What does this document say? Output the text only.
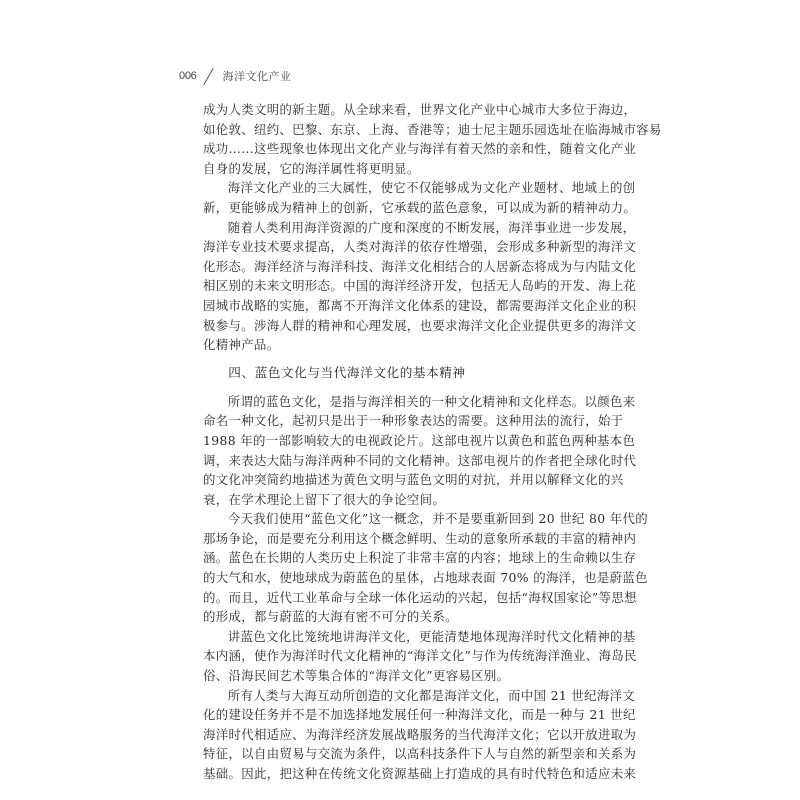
006 海洋文化产业
成为人类文明的新主题。从全球来看，世界文化产业中心城市大多位于海边，
如伦敦、纽约、巴黎、东京、上海、香港等；迪士尼主题乐园选址在临海城市容易
成功……这些现象也体现出文化产业与海洋有着天然的亲和性，随着文化产业
自身的发展，它的海洋属性将更明显。
海洋文化产业的三大属性，使它不仅能够成为文化产业题材、地域上的创
新，更能够成为精神上的创新，它承载的蓝色意象，可以成为新的精神动力。
随着人类利用海洋资源的广度和深度的不断发展，海洋事业进一步发展，
海洋专业技术要求提高，人类对海洋的依存性增强，会形成多种新型的海洋文
化形态。海洋经济与海洋科技、海洋文化相结合的人居新态将成为与内陆文化
相区别的未来文明形态。中国的海洋经济开发，包括无人岛屿的开发、海上花
园城市战略的实施，都离不开海洋文化体系的建设，都需要海洋文化企业的积
极参与。涉海人群的精神和心理发展，也要求海洋文化企业提供更多的海洋文
化精神产品。
四、蓝色文化与当代海洋文化的基本精神
所谓的蓝色文化，是指与海洋相关的一种文化精神和文化样态。以颜色来
命名一种文化，起初只是出于一种形象表达的需要。这种用法的流行，始于
1988 年的一部影响较大的电视政论片。这部电视片以黄色和蓝色两种基本色
调，来表达大陆与海洋两种不同的文化精神。这部电视片的作者把全球化时代
的文化冲突简约地描述为黄色文明与蓝色文明的对抗，并用以解释文化的兴
衰，在学术理论上留下了很大的争论空间。
今天我们使用“蓝色文化”这一概念，并不是要重新回到 20 世纪 80 年代的
那场争论，而是要充分利用这个概念鲜明、生动的意象所承载的丰富的精神内
涵。蓝色在长期的人类历史上积淀了非常丰富的内容；地球上的生命赖以生存
的大气和水，使地球成为蔚蓝色的星体，占地球表面 70% 的海洋，也是蔚蓝色
的。而且，近代工业革命与全球一体化运动的兴起，包括“海权国家论”等思想
的形成，都与蔚蓝的大海有密不可分的关系。
讲蓝色文化比笼统地讲海洋文化，更能清楚地体现海洋时代文化精神的基
本内涵，使作为海洋时代文化精神的“海洋文化”与作为传统海洋渔业、海岛民
俗、沿海民间艺术等集合体的“海洋文化”更容易区别。
所有人类与大海互动所创造的文化都是海洋文化，而中国 21 世纪海洋文
化的建设任务并不是不加选择地发展任何一种海洋文化，而是一种与 21 世纪
海洋时代相适应、为海洋经济发展战略服务的当代海洋文化；它以开放进取为
特征，以自由贸易与交流为条件，以高科技条件下人与自然的新型亲和关系为
基础。因此，把这种在传统文化资源基础上打造成的具有时代特色和适应未来
